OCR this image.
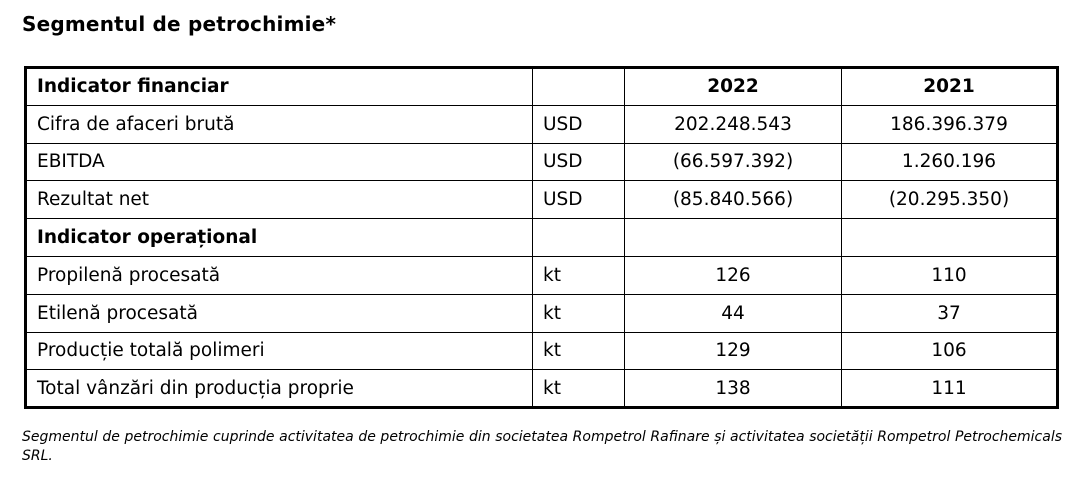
Segmentul de petrochimie*
Indicator financiar		2022	2021
Cifra de afaceri brută	USD	202.248.543	186.396.379
EBITDA	USD	(66.597.392)	1.260.196
Rezultat net	USD	(85.840.566)	(20.295.350)
Indicator operațional			
Propilenă procesată	kt	126	110
Etilenă procesată	kt	44	37
Producție totală polimeri	kt	129	106
Total vânzări din producția proprie	kt	138	111
Segmentul de petrochimie cuprinde activitatea de petrochimie din societatea Rompetrol Rafinare și activitatea societății Rompetrol Petrochemicals SRL.
